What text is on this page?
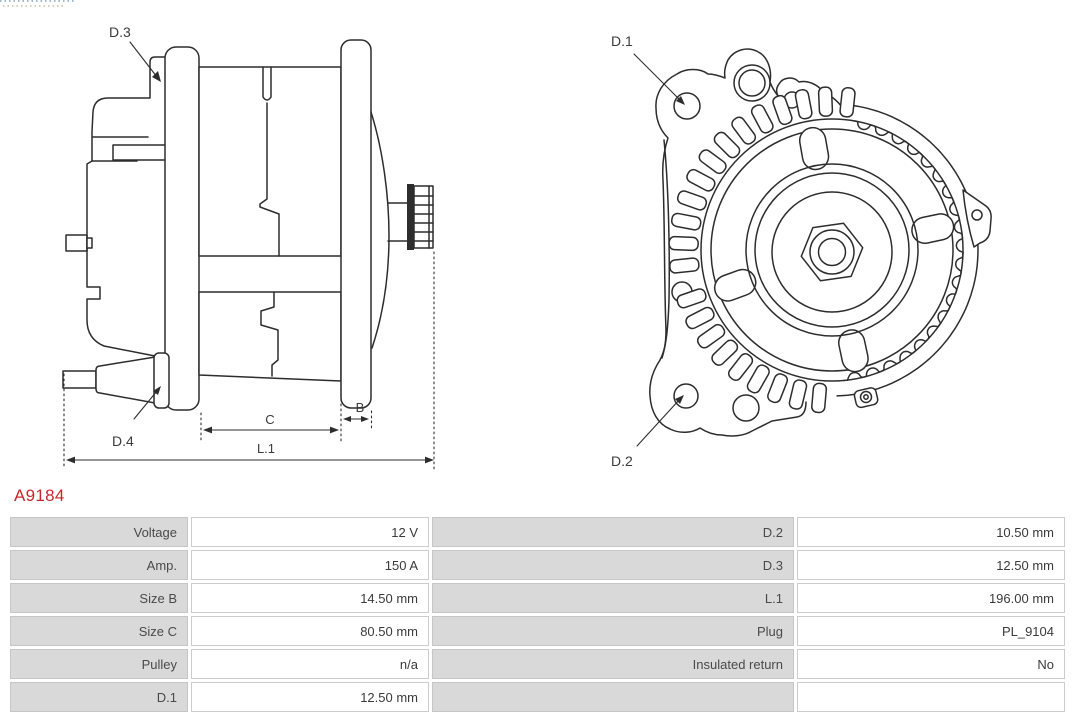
C
B
L.1
D.3
D.4
D.1
D.2
A9184
Voltage	12 V	D.2	10.50 mm
Amp.	150 A	D.3	12.50 mm
Size B	14.50 mm	L.1	196.00 mm
Size C	80.50 mm	Plug	PL_9104
Pulley	n/a	Insulated return	No
D.1	12.50 mm		
